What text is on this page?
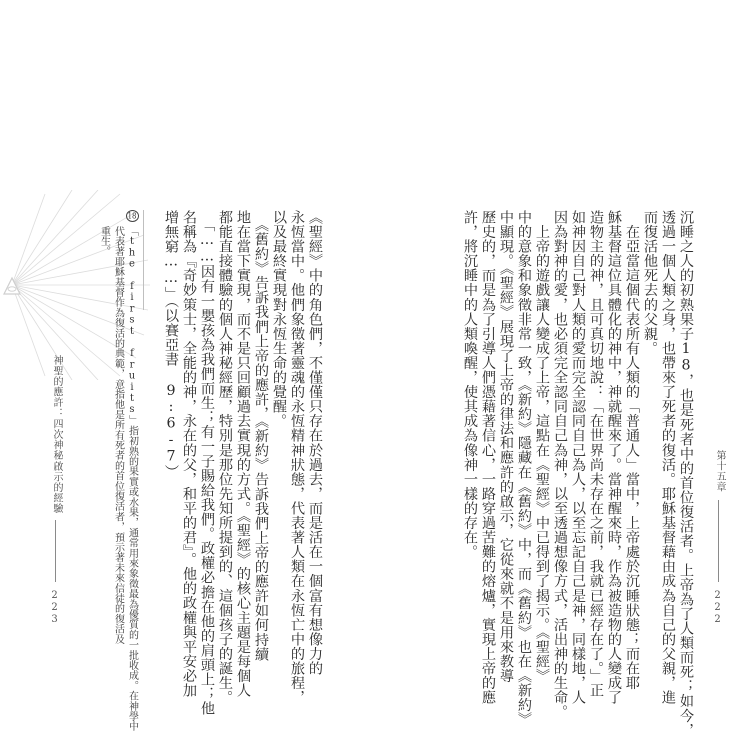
《聖經》中的角色們，不僅僅只存在於過去，而是活在一個富有想像力的
永恆當中。他們象徵著靈魂的永恆精神狀態，代表著人類在永恆亡中的旅程，
以及最終實現對永恆生命的覺醒。
　《舊約》告訴我們上帝的應許，《新約》告訴我們上帝的應許如何持續
地在當下實現，而不是只回顧過去實現的方式。《聖經》的核心主題是每個人
都能直接體驗的個人神秘經歷，特別是那位先知所提到的、這個孩子的誕生。
　「……因有一嬰孩為我們而生；有一子賜給我們。政權必擔在他的肩頭上；他
名稱為『奇妙策士，全能的神，永在的父，和平的君』。他的政權與平安必加
增無窮……」（以賽亞書 9:6-7）
18
「the first fruits」指初熟的果實或水果，通常用來象徵最為優質的一批收成。在神學中
代表著耶穌基督作為復活的典範，意指他是所有死者的首位復活者，預示著未來信徒的復活及
重生。
神聖的應許：四次神秘啟示的經驗
223	沉睡之人的初熟果子18，也是死者中的首位復活者。上帝為了人類而死；如今，
透過一個人類之身，也帶來了死者的復活。耶穌基督藉由成為自己的父親，進
而復活他死去的父親。
　在亞當這個代表所有人類的「普通人」當中，上帝處於沉睡狀態；而在耶
穌基督這位具體化的神中，神就醒來了。當神醒來時，作為被造物的人變成了
造物主的神，且可真切地說：「在世界尚未存在之前，我就已經存在了。」正
如神因自己對人類的愛而完全認同自己為人，以至忘記自己是神，同樣地，人
因為對神的愛，也必須完全認同自己為神，以至透過想像方式，活出神的生命。
　上帝的遊戲讓人變成了上帝，這點在《聖經》中已得到了揭示。《聖經》
中的意象和象徵非常一致，《新約》隱藏在《舊約》中，而《舊約》也在《新約》
中顯現。《聖經》展現了上帝的律法和應許的啟示，它從來就不是用來教導
歷史的，而是為了引導人們憑藉著信心，一路穿過苦難的熔爐，實現上帝的應
許，將沉睡中的人類喚醒，使其成為像神一樣的存在。	第十五章
222
